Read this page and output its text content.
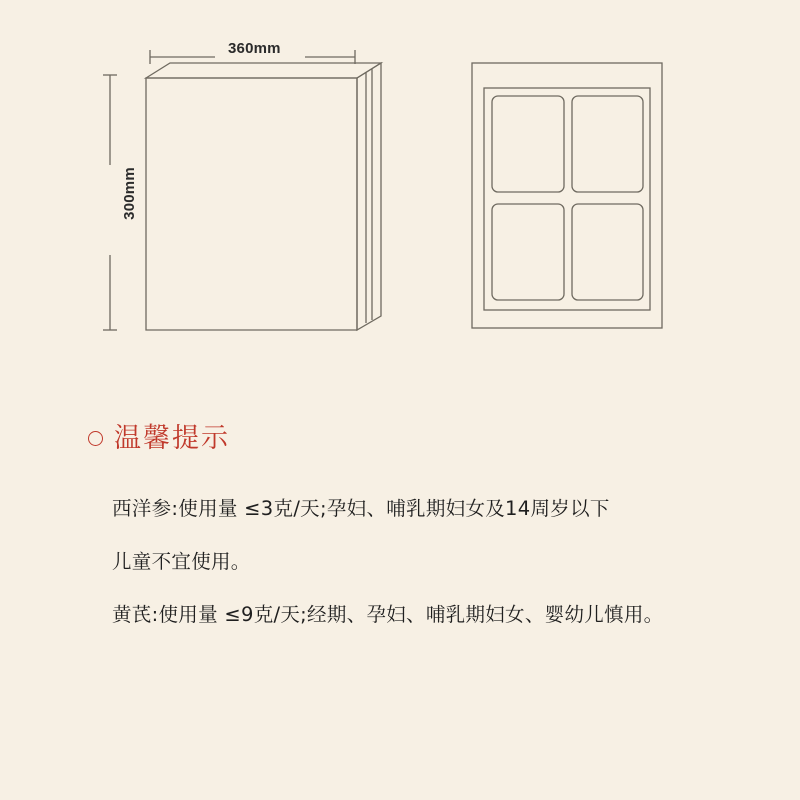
360mm
300mm
温馨提示

西洋参:使用量 ≤3克/天;孕妇、哺乳期妇女及14周岁以下

儿童不宜使用。

黄芪:使用量 ≤9克/天;经期、孕妇、哺乳期妇女、婴幼儿慎用。
